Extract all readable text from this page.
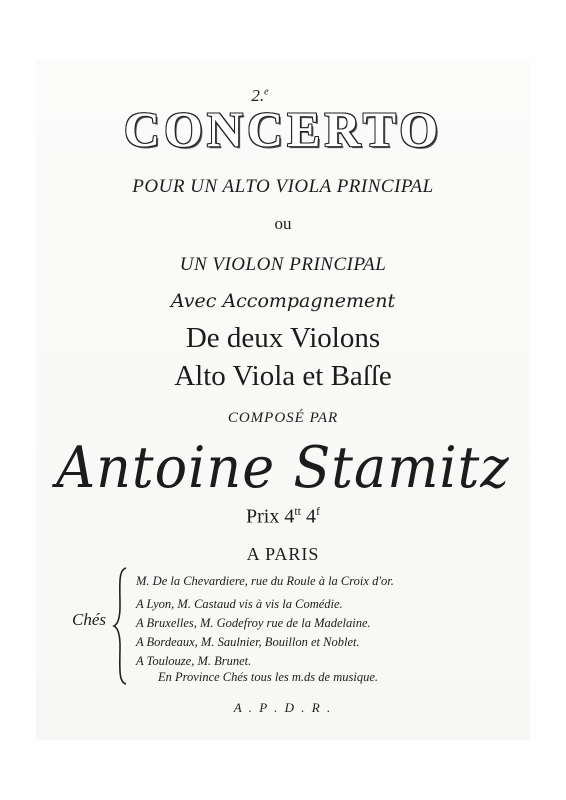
2.$^e$
CONCERTO
POUR UN ALTO VIOLA PRINCIPAL
ou
UN VIOLON PRINCIPAL
Avec Accompagnement
De deux Violons
Alto Viola et Baſſe
COMPOSÉ PAR
Antoine Stamitz
Prix $4^{tt}$ 4$^f$
A PARIS
Chés
M. De la Chevardiere, rue du Roule à la Croix d'or.
A Lyon, M. Castaud vis à vis la Comédie.
A Bruxelles, M. Godefroy rue de la Madelaine.
A Bordeaux, M. Saulnier, Bouillon et Noblet.
A Toulouze, M. Brunet.
En Province Chés tous les m.ds de musique.
A . P . D . R .
